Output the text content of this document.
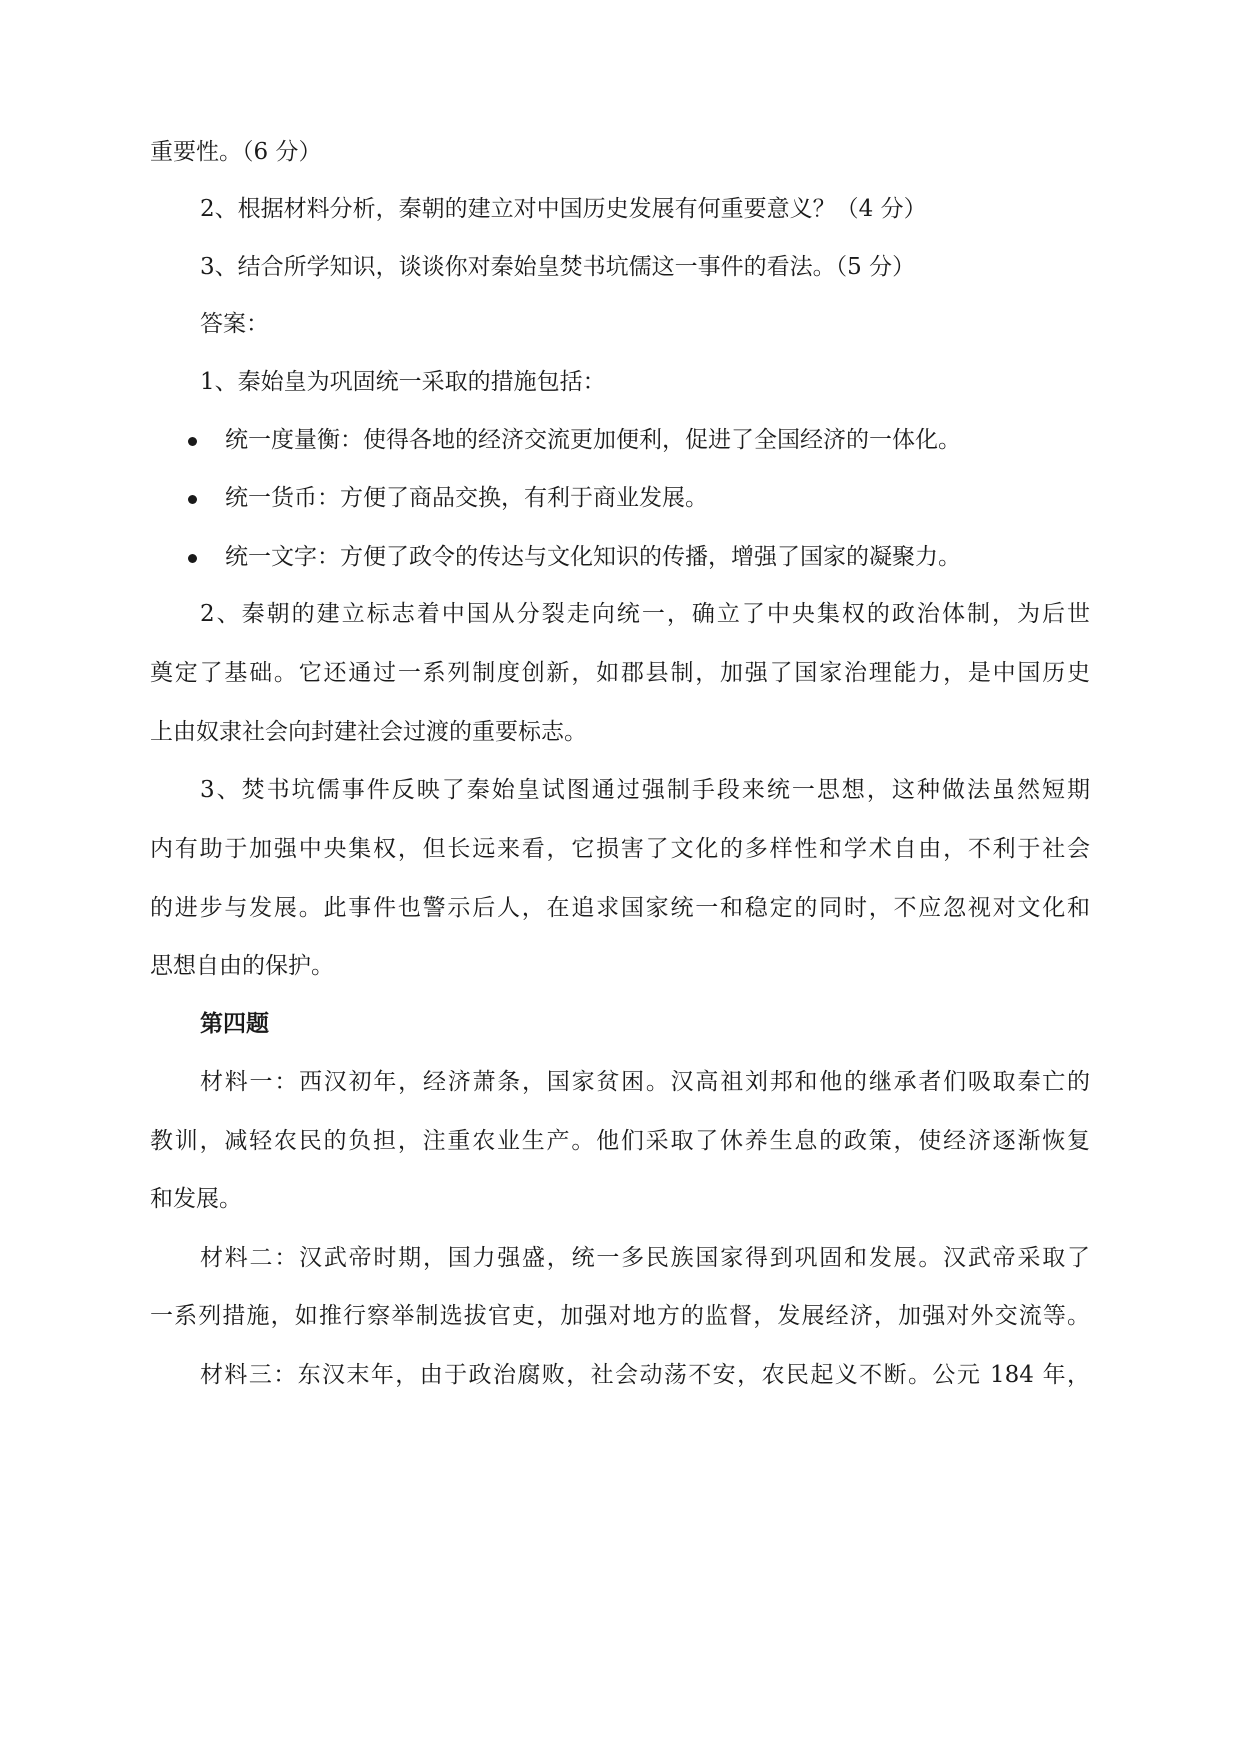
重要性。（6 分）
2、根据材料分析，秦朝的建立对中国历史发展有何重要意义？（4 分）
3、结合所学知识，谈谈你对秦始皇焚书坑儒这一事件的看法。（5 分）
答案：
1、秦始皇为巩固统一采取的措施包括：
统一度量衡：使得各地的经济交流更加便利，促进了全国经济的一体化。
统一货币：方便了商品交换，有利于商业发展。
统一文字：方便了政令的传达与文化知识的传播，增强了国家的凝聚力。
2、秦朝的建立标志着中国从分裂走向统一，确立了中央集权的政治体制，为后世
奠定了基础。它还通过一系列制度创新，如郡县制，加强了国家治理能力，是中国历史
上由奴隶社会向封建社会过渡的重要标志。
3、焚书坑儒事件反映了秦始皇试图通过强制手段来统一思想，这种做法虽然短期
内有助于加强中央集权，但长远来看，它损害了文化的多样性和学术自由，不利于社会
的进步与发展。此事件也警示后人，在追求国家统一和稳定的同时，不应忽视对文化和
思想自由的保护。
第四题
材料一：西汉初年，经济萧条，国家贫困。汉高祖刘邦和他的继承者们吸取秦亡的
教训，减轻农民的负担，注重农业生产。他们采取了休养生息的政策，使经济逐渐恢复
和发展。
材料二：汉武帝时期，国力强盛，统一多民族国家得到巩固和发展。汉武帝采取了
一系列措施，如推行察举制选拔官吏，加强对地方的监督，发展经济，加强对外交流等。
材料三：东汉末年，由于政治腐败，社会动荡不安，农民起义不断。公元 184 年，
